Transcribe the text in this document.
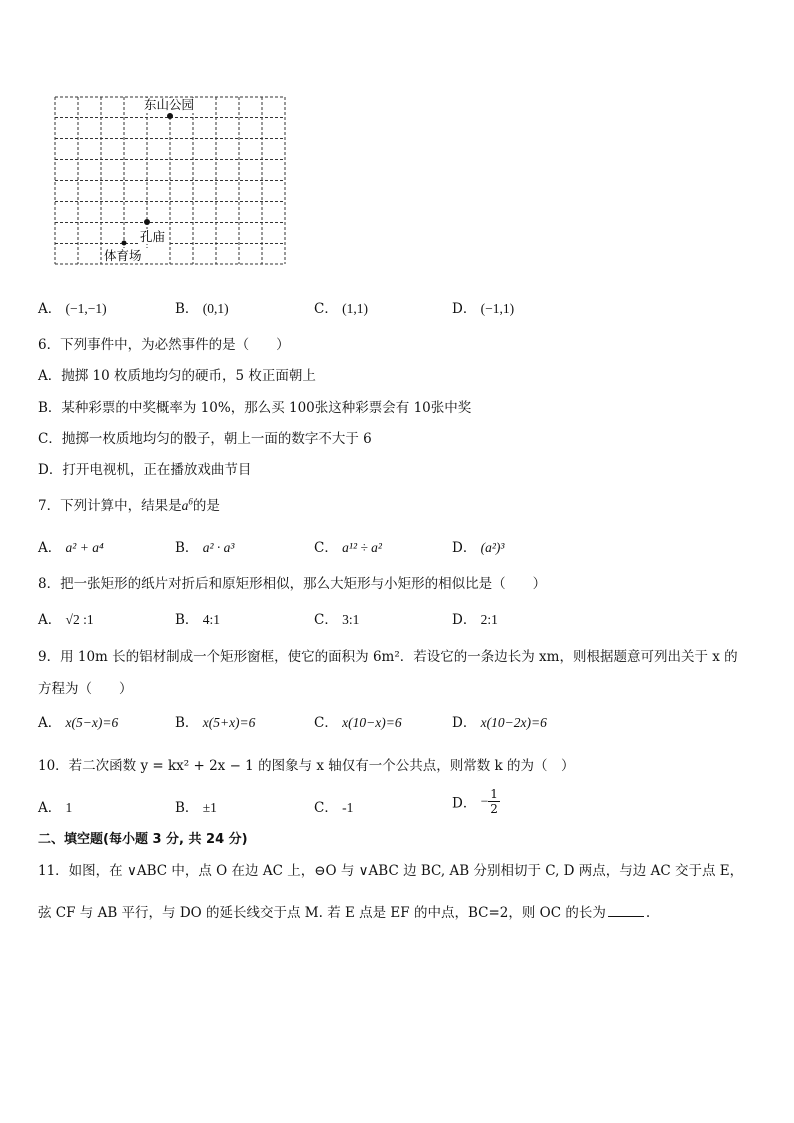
东山公园
孔庙
体育场
A． (−1,−1)	B． (0,1)	C． (1,1)	D． (−1,1)
6．下列事件中，为必然事件的是（　　）
A．抛掷 10 枚质地均匀的硬币，5 枚正面朝上
B．某种彩票的中奖概率为 10%，那么买 100张这种彩票会有 10张中奖
C．抛掷一枚质地均匀的骰子，朝上一面的数字不大于 6
D．打开电视机，正在播放戏曲节目
7．下列计算中，结果是$a^6$的是
A． a² + a⁴	B． a² · a³	C． a¹² ÷ a²	D． (a²)³
8．把一张矩形的纸片对折后和原矩形相似，那么大矩形与小矩形的相似比是（　　）
A． √2 :1	B． 4:1	C． 3:1	D． 2:1
9．用 10m 长的铝材制成一个矩形窗框，使它的面积为 6m²．若设它的一条边长为 xm，则根据题意可列出关于 x 的
方程为（　　）
A． x(5−x)=6	B． x(5+x)=6	C． x(10−x)=6	D． x(10−2x)=6
10．若二次函数 y = kx² + 2x − 1 的图象与 x 轴仅有一个公共点，则常数 k 的为（　）
A． 1	B． ±1	C． -1	D． − $\frac{1}{2}$
二、填空题(每小题 3 分, 共 24 分)
11．如图，在 ∨ABC 中，点 O 在边 AC 上，⊖O 与 ∨ABC 边 BC, AB 分别相切于 C, D 两点，与边 AC 交于点 E，
弦 CF 与 AB 平行，与 DO 的延长线交于点 M. 若 E 点是 EF 的中点，BC=2，则 OC 的长为	.
